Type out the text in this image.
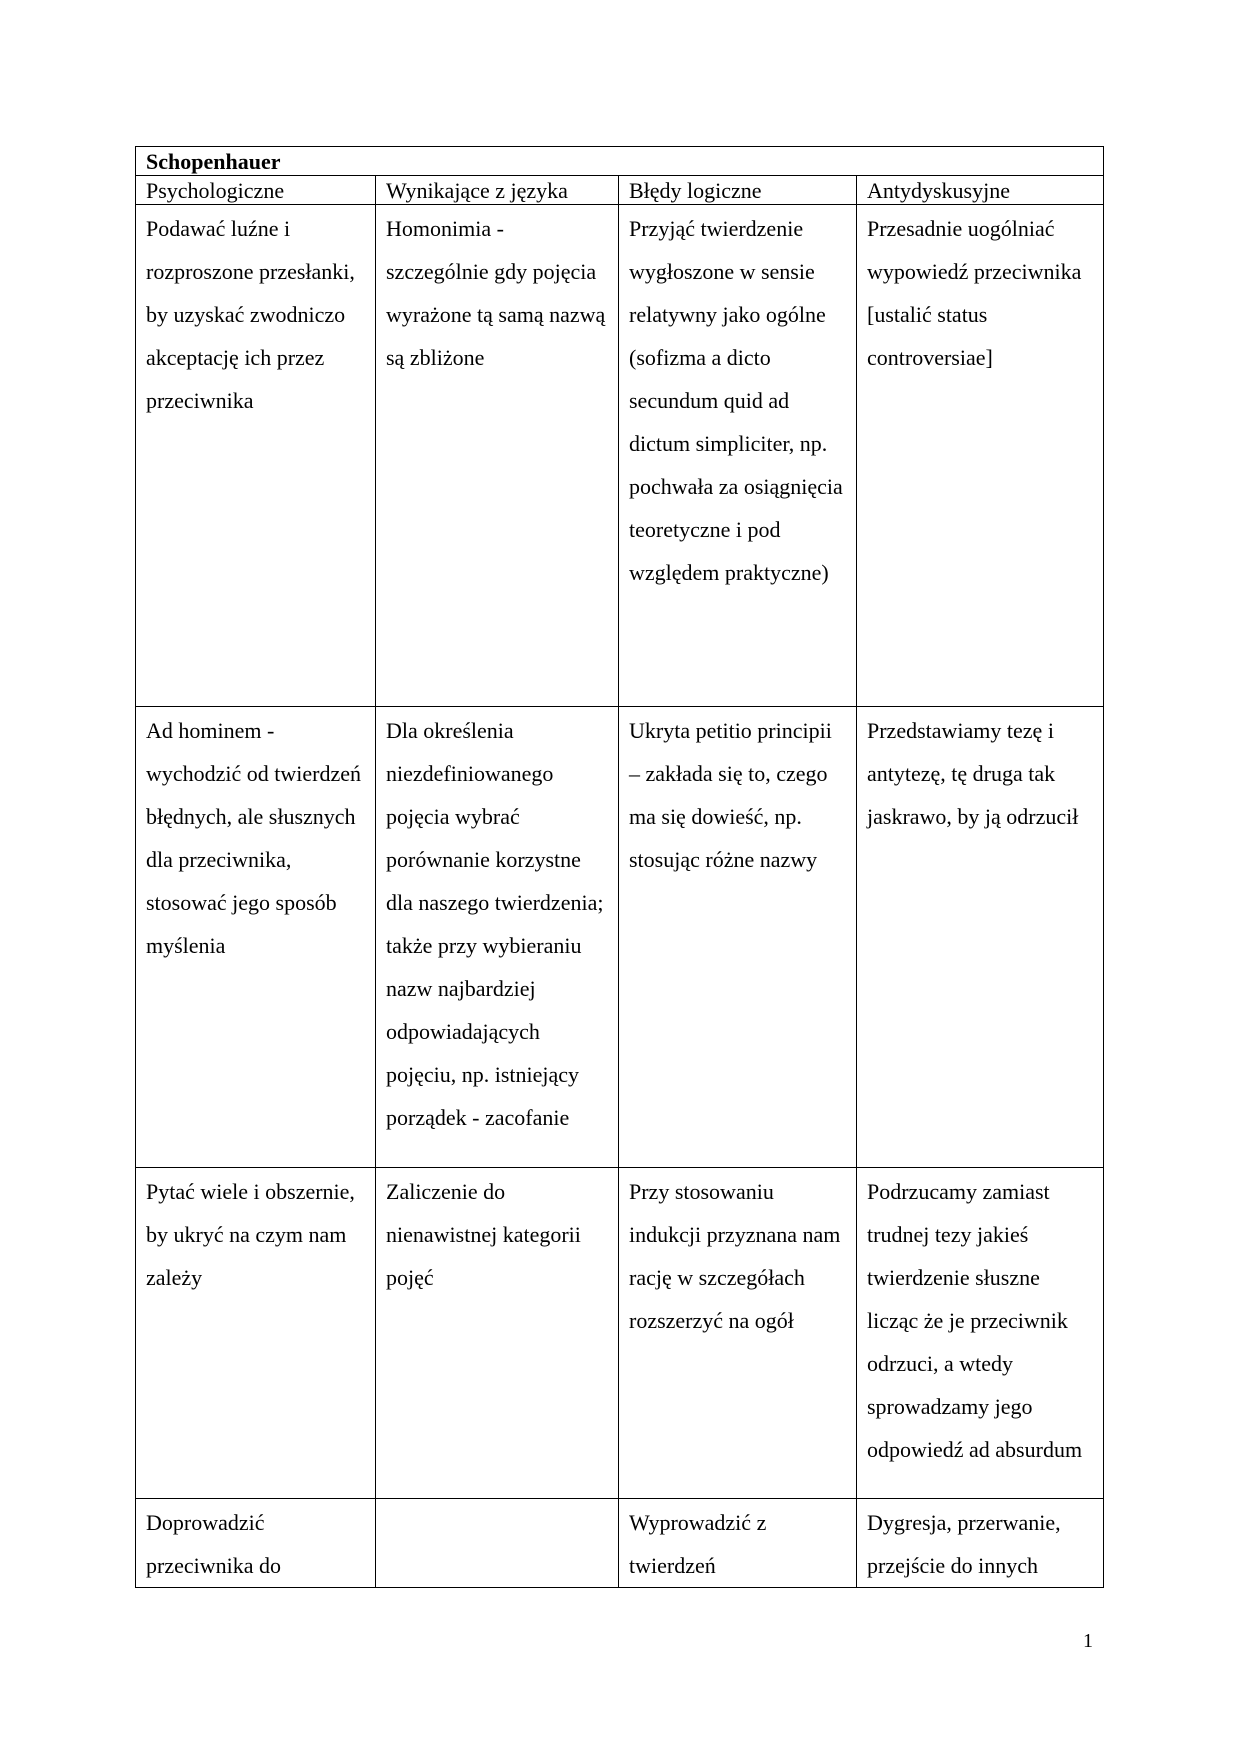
Schopenhauer			
Psychologiczne	Wynikające z języka	Błędy logiczne	Antydyskusyjne
Podawać luźne i rozproszone przesłanki, by uzyskać zwodniczo akceptację ich przez przeciwnika	Homonimia - szczególnie gdy pojęcia wyrażone tą samą nazwą są zbliżone	Przyjąć twierdzenie wygłoszone w sensie relatywny jako ogólne (sofizma a dicto secundum quid ad dictum simpliciter, np. pochwała za osiągnięcia teoretyczne i pod względem praktyczne)	Przesadnie uogólniać wypowiedź przeciwnika [ustalić status controversiae]
Ad hominem - wychodzić od twierdzeń błędnych, ale słusznych dla przeciwnika, stosować jego sposób myślenia	Dla określenia niezdefiniowanego pojęcia wybrać porównanie korzystne dla naszego twierdzenia; także przy wybieraniu nazw najbardziej odpowiadających pojęciu, np. istniejący porządek - zacofanie	Ukryta petitio principii – zakłada się to, czego ma się dowieść, np. stosując różne nazwy	Przedstawiamy tezę i antytezę, tę druga tak jaskrawo, by ją odrzucił
Pytać wiele i obszernie, by ukryć na czym nam zależy	Zaliczenie do nienawistnej kategorii pojęć	Przy stosowaniu indukcji przyznana nam rację w szczegółach rozszerzyć na ogół	Podrzucamy zamiast trudnej tezy jakieś twierdzenie słuszne licząc że je przeciwnik odrzuci, a wtedy sprowadzamy jego odpowiedź ad absurdum
Doprowadzić przeciwnika do		Wyprowadzić z twierdzeń	Dygresja, przerwanie, przejście do innych
1
